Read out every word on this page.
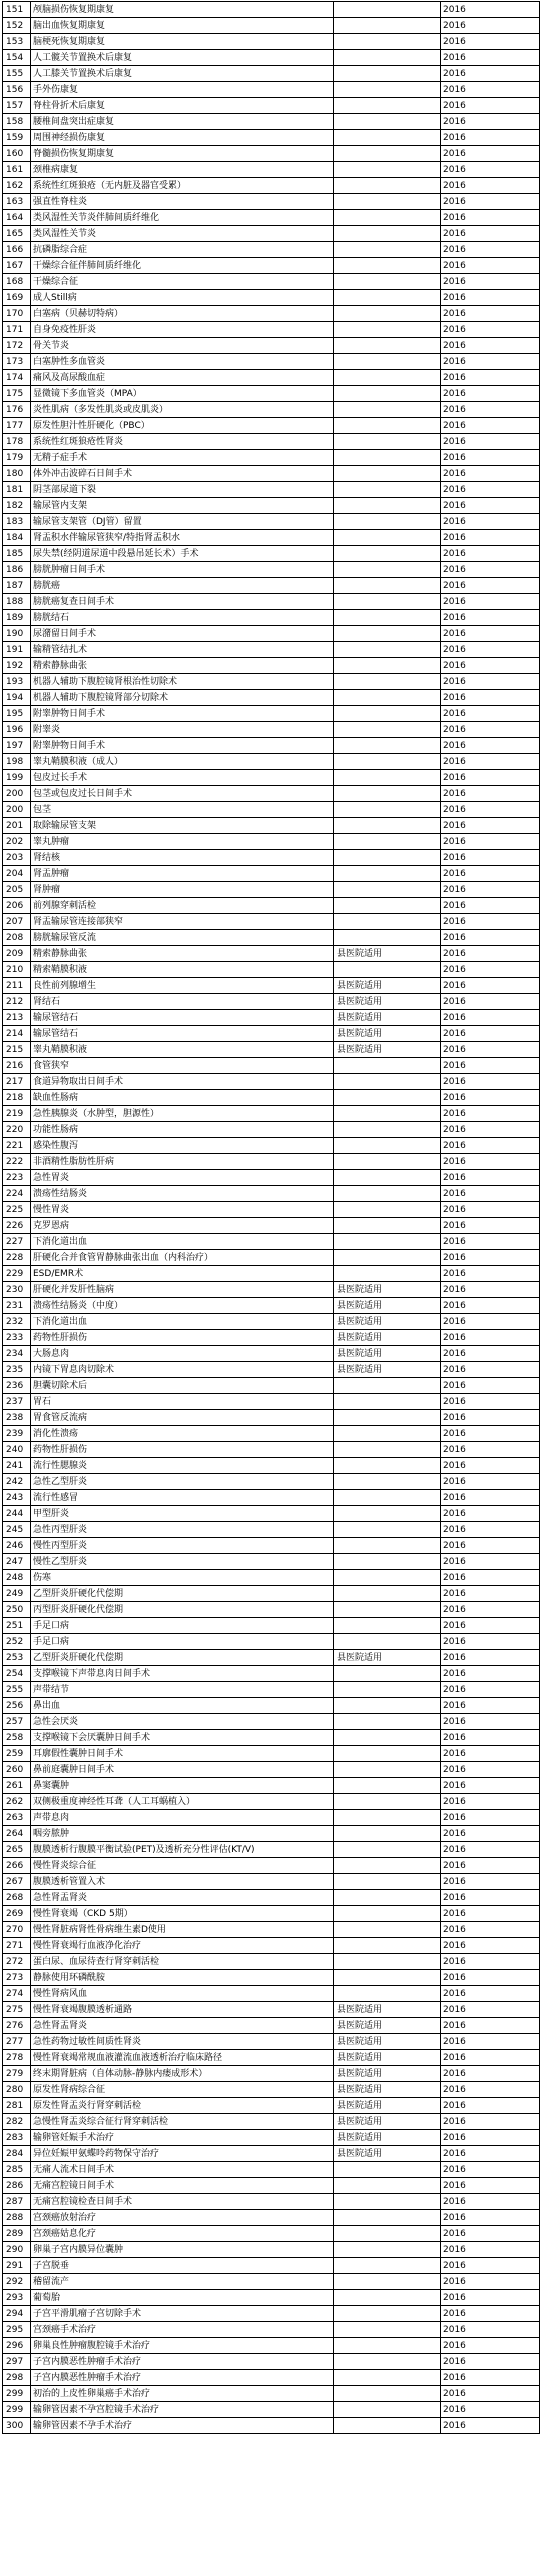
151	颅脑损伤恢复期康复		2016
152	脑出血恢复期康复		2016
153	脑梗死恢复期康复		2016
154	人工髋关节置换术后康复		2016
155	人工膝关节置换术后康复		2016
156	手外伤康复		2016
157	脊柱骨折术后康复		2016
158	腰椎间盘突出症康复		2016
159	周围神经损伤康复		2016
160	脊髓损伤恢复期康复		2016
161	颈椎病康复		2016
162	系统性红斑狼疮（无内脏及器官受累）		2016
163	强直性脊柱炎		2016
164	类风湿性关节炎伴肺间质纤维化		2016
165	类风湿性关节炎		2016
166	抗磷脂综合症		2016
167	干燥综合征伴肺间质纤维化		2016
168	干燥综合征		2016
169	成人Still病		2016
170	白塞病（贝赫切特病）		2016
171	自身免疫性肝炎		2016
172	骨关节炎		2016
173	白塞肿性多血管炎		2016
174	痛风及高尿酸血症		2016
175	显微镜下多血管炎（MPA）		2016
176	炎性肌病（多发性肌炎或皮肌炎）		2016
177	原发性胆汁性肝硬化（PBC）		2016
178	系统性红斑狼疮性肾炎		2016
179	无精子症手术		2016
180	体外冲击波碎石日间手术		2016
181	阴茎部尿道下裂		2016
182	输尿管内支架		2016
183	输尿管支架管（DJ管）留置		2016
184	肾盂积水伴输尿管狭窄/特指肾盂积水		2016
185	尿失禁(经阴道尿道中段悬吊延长术）手术		2016
186	膀胱肿瘤日间手术		2016
187	膀胱癌		2016
188	膀胱癌复查日间手术		2016
189	膀胱结石		2016
190	尿潴留日间手术		2016
191	输精管结扎术		2016
192	精索静脉曲张		2016
193	机器人辅助下腹腔镜肾根治性切除术		2016
194	机器人辅助下腹腔镜肾部分切除术		2016
195	附睾肿物日间手术		2016
196	附睾炎		2016
197	附睾肿物日间手术		2016
198	睾丸鞘膜积液（成人）		2016
199	包皮过长手术		2016
200	包茎或包皮过长日间手术		2016
200	包茎		2016
201	取除输尿管支架		2016
202	睾丸肿瘤		2016
203	肾结核		2016
204	肾盂肿瘤		2016
205	肾肿瘤		2016
206	前列腺穿刺活检		2016
207	肾盂输尿管连接部狭窄		2016
208	膀胱输尿管反流		2016
209	精索静脉曲张	县医院适用	2016
210	精索鞘膜积液		2016
211	良性前列腺增生	县医院适用	2016
212	肾结石	县医院适用	2016
213	输尿管结石	县医院适用	2016
214	输尿管结石	县医院适用	2016
215	睾丸鞘膜积液	县医院适用	2016
216	食管狭窄		2016
217	食道异物取出日间手术		2016
218	缺血性肠病		2016
219	急性胰腺炎（水肿型，胆源性）		2016
220	功能性肠病		2016
221	感染性腹泻		2016
222	非酒精性脂肪性肝病		2016
223	急性胃炎		2016
224	溃疡性结肠炎		2016
225	慢性胃炎		2016
226	克罗恩病		2016
227	下消化道出血		2016
228	肝硬化合并食管胃静脉曲张出血（内科治疗）		2016
229	ESD/EMR术		2016
230	肝硬化并发肝性脑病	县医院适用	2016
231	溃疡性结肠炎（中度）	县医院适用	2016
232	下消化道出血	县医院适用	2016
233	药物性肝损伤	县医院适用	2016
234	大肠息肉	县医院适用	2016
235	内镜下胃息肉切除术	县医院适用	2016
236	胆囊切除术后		2016
237	胃石		2016
238	胃食管反流病		2016
239	消化性溃疡		2016
240	药物性肝损伤		2016
241	流行性腮腺炎		2016
242	急性乙型肝炎		2016
243	流行性感冒		2016
244	甲型肝炎		2016
245	急性丙型肝炎		2016
246	慢性丙型肝炎		2016
247	慢性乙型肝炎		2016
248	伤寒		2016
249	乙型肝炎肝硬化代偿期		2016
250	丙型肝炎肝硬化代偿期		2016
251	手足口病		2016
252	手足口病		2016
253	乙型肝炎肝硬化代偿期	县医院适用	2016
254	支撑喉镜下声带息肉日间手术		2016
255	声带结节		2016
256	鼻出血		2016
257	急性会厌炎		2016
258	支撑喉镜下会厌囊肿日间手术		2016
259	耳廓假性囊肿日间手术		2016
260	鼻前庭囊肿日间手术		2016
261	鼻窦囊肿		2016
262	双侧极重度神经性耳聋（人工耳蜗植入）		2016
263	声带息肉		2016
264	咽旁脓肿		2016
265	腹膜透析行腹膜平衡试验(PET)及透析充分性评估(KT/V)		2016
266	慢性肾炎综合征		2016
267	腹膜透析管置入术		2016
268	急性肾盂肾炎		2016
269	慢性肾衰竭（CKD 5期）		2016
270	慢性肾脏病肾性骨病维生素D使用		2016
271	慢性肾衰竭行血液净化治疗		2016
272	蛋白尿、血尿待查行肾穿刺活检		2016
273	静脉使用环磷酰胺		2016
274	慢性肾病风血		2016
275	慢性肾衰竭腹膜透析通路	县医院适用	2016
276	急性肾盂肾炎	县医院适用	2016
277	急性药物过敏性间质性肾炎	县医院适用	2016
278	慢性肾衰竭常规血液灌流血液透析治疗临床路径	县医院适用	2016
279	终末期肾脏病（自体动脉-静脉内瘘成形术）	县医院适用	2016
280	原发性肾病综合征	县医院适用	2016
281	原发性肾盂炎行肾穿刺活检	县医院适用	2016
282	急慢性肾盂炎综合征行肾穿刺活检	县医院适用	2016
283	输卵管妊娠手术治疗	县医院适用	2016
284	异位妊娠甲氨蝶呤药物保守治疗	县医院适用	2016
285	无痛人流术日间手术		2016
286	无痛宫腔镜日间手术		2016
287	无痛宫腔镜检查日间手术		2016
288	宫颈癌放射治疗		2016
289	宫颈癌姑息化疗		2016
290	卵巢子宫内膜异位囊肿		2016
291	子宫脱垂		2016
292	稽留流产		2016
293	葡萄胎		2016
294	子宫平滑肌瘤子宫切除手术		2016
295	宫颈癌手术治疗		2016
296	卵巢良性肿瘤腹腔镜手术治疗		2016
297	子宫内膜恶性肿瘤手术治疗		2016
298	子宫内膜恶性肿瘤手术治疗		2016
299	初治的上皮性卵巢癌手术治疗		2016
299	输卵管因素不孕宫腔镜手术治疗		2016
300	输卵管因素不孕手术治疗		2016
